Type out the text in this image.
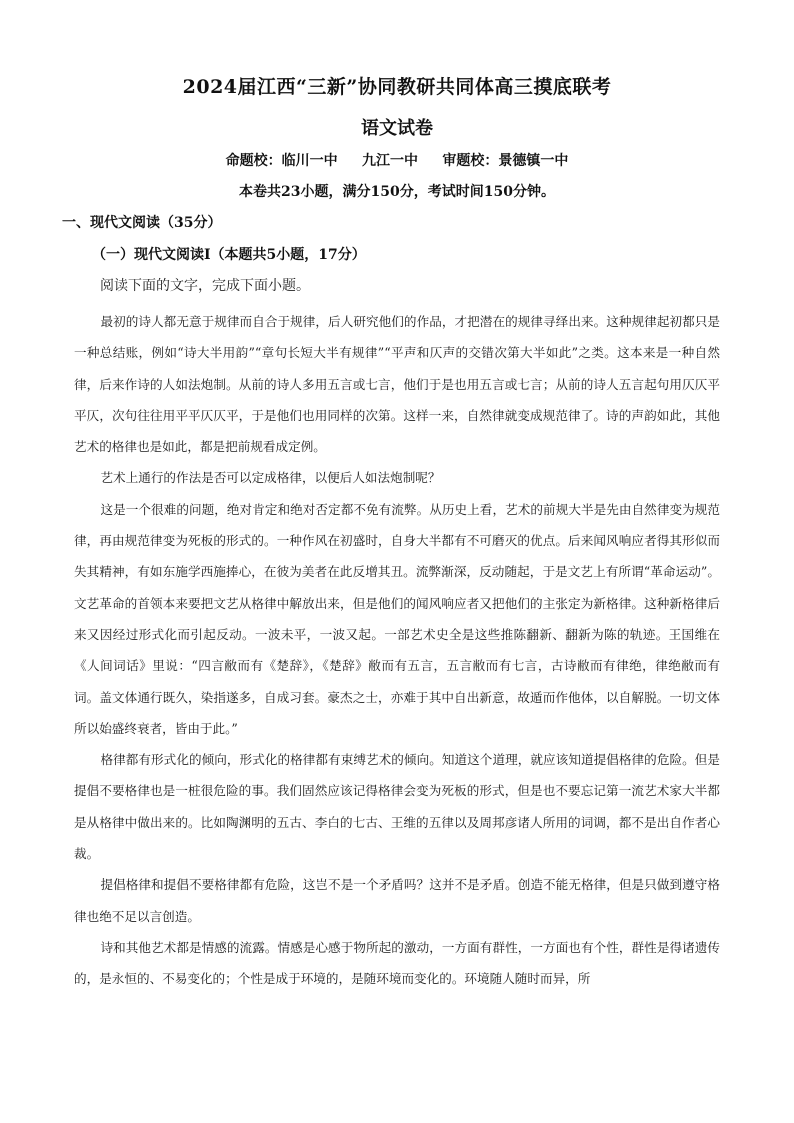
2024届江西“三新”协同教研共同体高三摸底联考
语文试卷
命题校：临川一中     九江一中     审题校：景德镇一中
本卷共23小题，满分150分，考试时间150分钟。
一、现代文阅读（35分）
（一）现代文阅读Ⅰ（本题共5小题，17分）
阅读下面的文字，完成下面小题。

最初的诗人都无意于规律而自合于规律，后人研究他们的作品，才把潜在的规律寻绎出来。这种规律起初都只是一种总结账，例如“诗大半用韵”“章句长短大半有规律”“平声和仄声的交错次第大半如此”之类。这本来是一种自然律，后来作诗的人如法炮制。从前的诗人多用五言或七言，他们于是也用五言或七言；从前的诗人五言起句用仄仄平平仄，次句往往用平平仄仄平，于是他们也用同样的次第。这样一来，自然律就变成规范律了。诗的声韵如此，其他艺术的格律也是如此，都是把前规看成定例。

艺术上通行的作法是否可以定成格律，以便后人如法炮制呢？

这是一个很难的问题，绝对肯定和绝对否定都不免有流弊。从历史上看，艺术的前规大半是先由自然律变为规范律，再由规范律变为死板的形式的。一种作风在初盛时，自身大半都有不可磨灭的优点。后来闻风响应者得其形似而失其精神，有如东施学西施捧心，在彼为美者在此反增其丑。流弊渐深，反动随起，于是文艺上有所谓“革命运动”。文艺革命的首领本来要把文艺从格律中解放出来，但是他们的闻风响应者又把他们的主张定为新格律。这种新格律后来又因经过形式化而引起反动。一波未平，一波又起。一部艺术史全是这些推陈翻新、翻新为陈的轨迹。王国维在《人间词话》里说：“四言敝而有《楚辞》，《楚辞》敝而有五言，五言敝而有七言，古诗敝而有律绝，律绝敝而有词。盖文体通行既久，染指遂多，自成习套。豪杰之士，亦难于其中自出新意，故遁而作他体，以自解脱。一切文体所以始盛终衰者，皆由于此。”

格律都有形式化的倾向，形式化的格律都有束缚艺术的倾向。知道这个道理，就应该知道提倡格律的危险。但是提倡不要格律也是一桩很危险的事。我们固然应该记得格律会变为死板的形式，但是也不要忘记第一流艺术家大半都是从格律中做出来的。比如陶渊明的五古、李白的七古、王维的五律以及周邦彦诸人所用的词调，都不是出自作者心裁。

提倡格律和提倡不要格律都有危险，这岂不是一个矛盾吗？这并不是矛盾。创造不能无格律，但是只做到遵守格律也绝不足以言创造。

诗和其他艺术都是情感的流露。情感是心感于物所起的激动，一方面有群性，一方面也有个性，群性是得诸遗传的，是永恒的、不易变化的；个性是成于环境的，是随环境而变化的。环境随人随时而异，所
